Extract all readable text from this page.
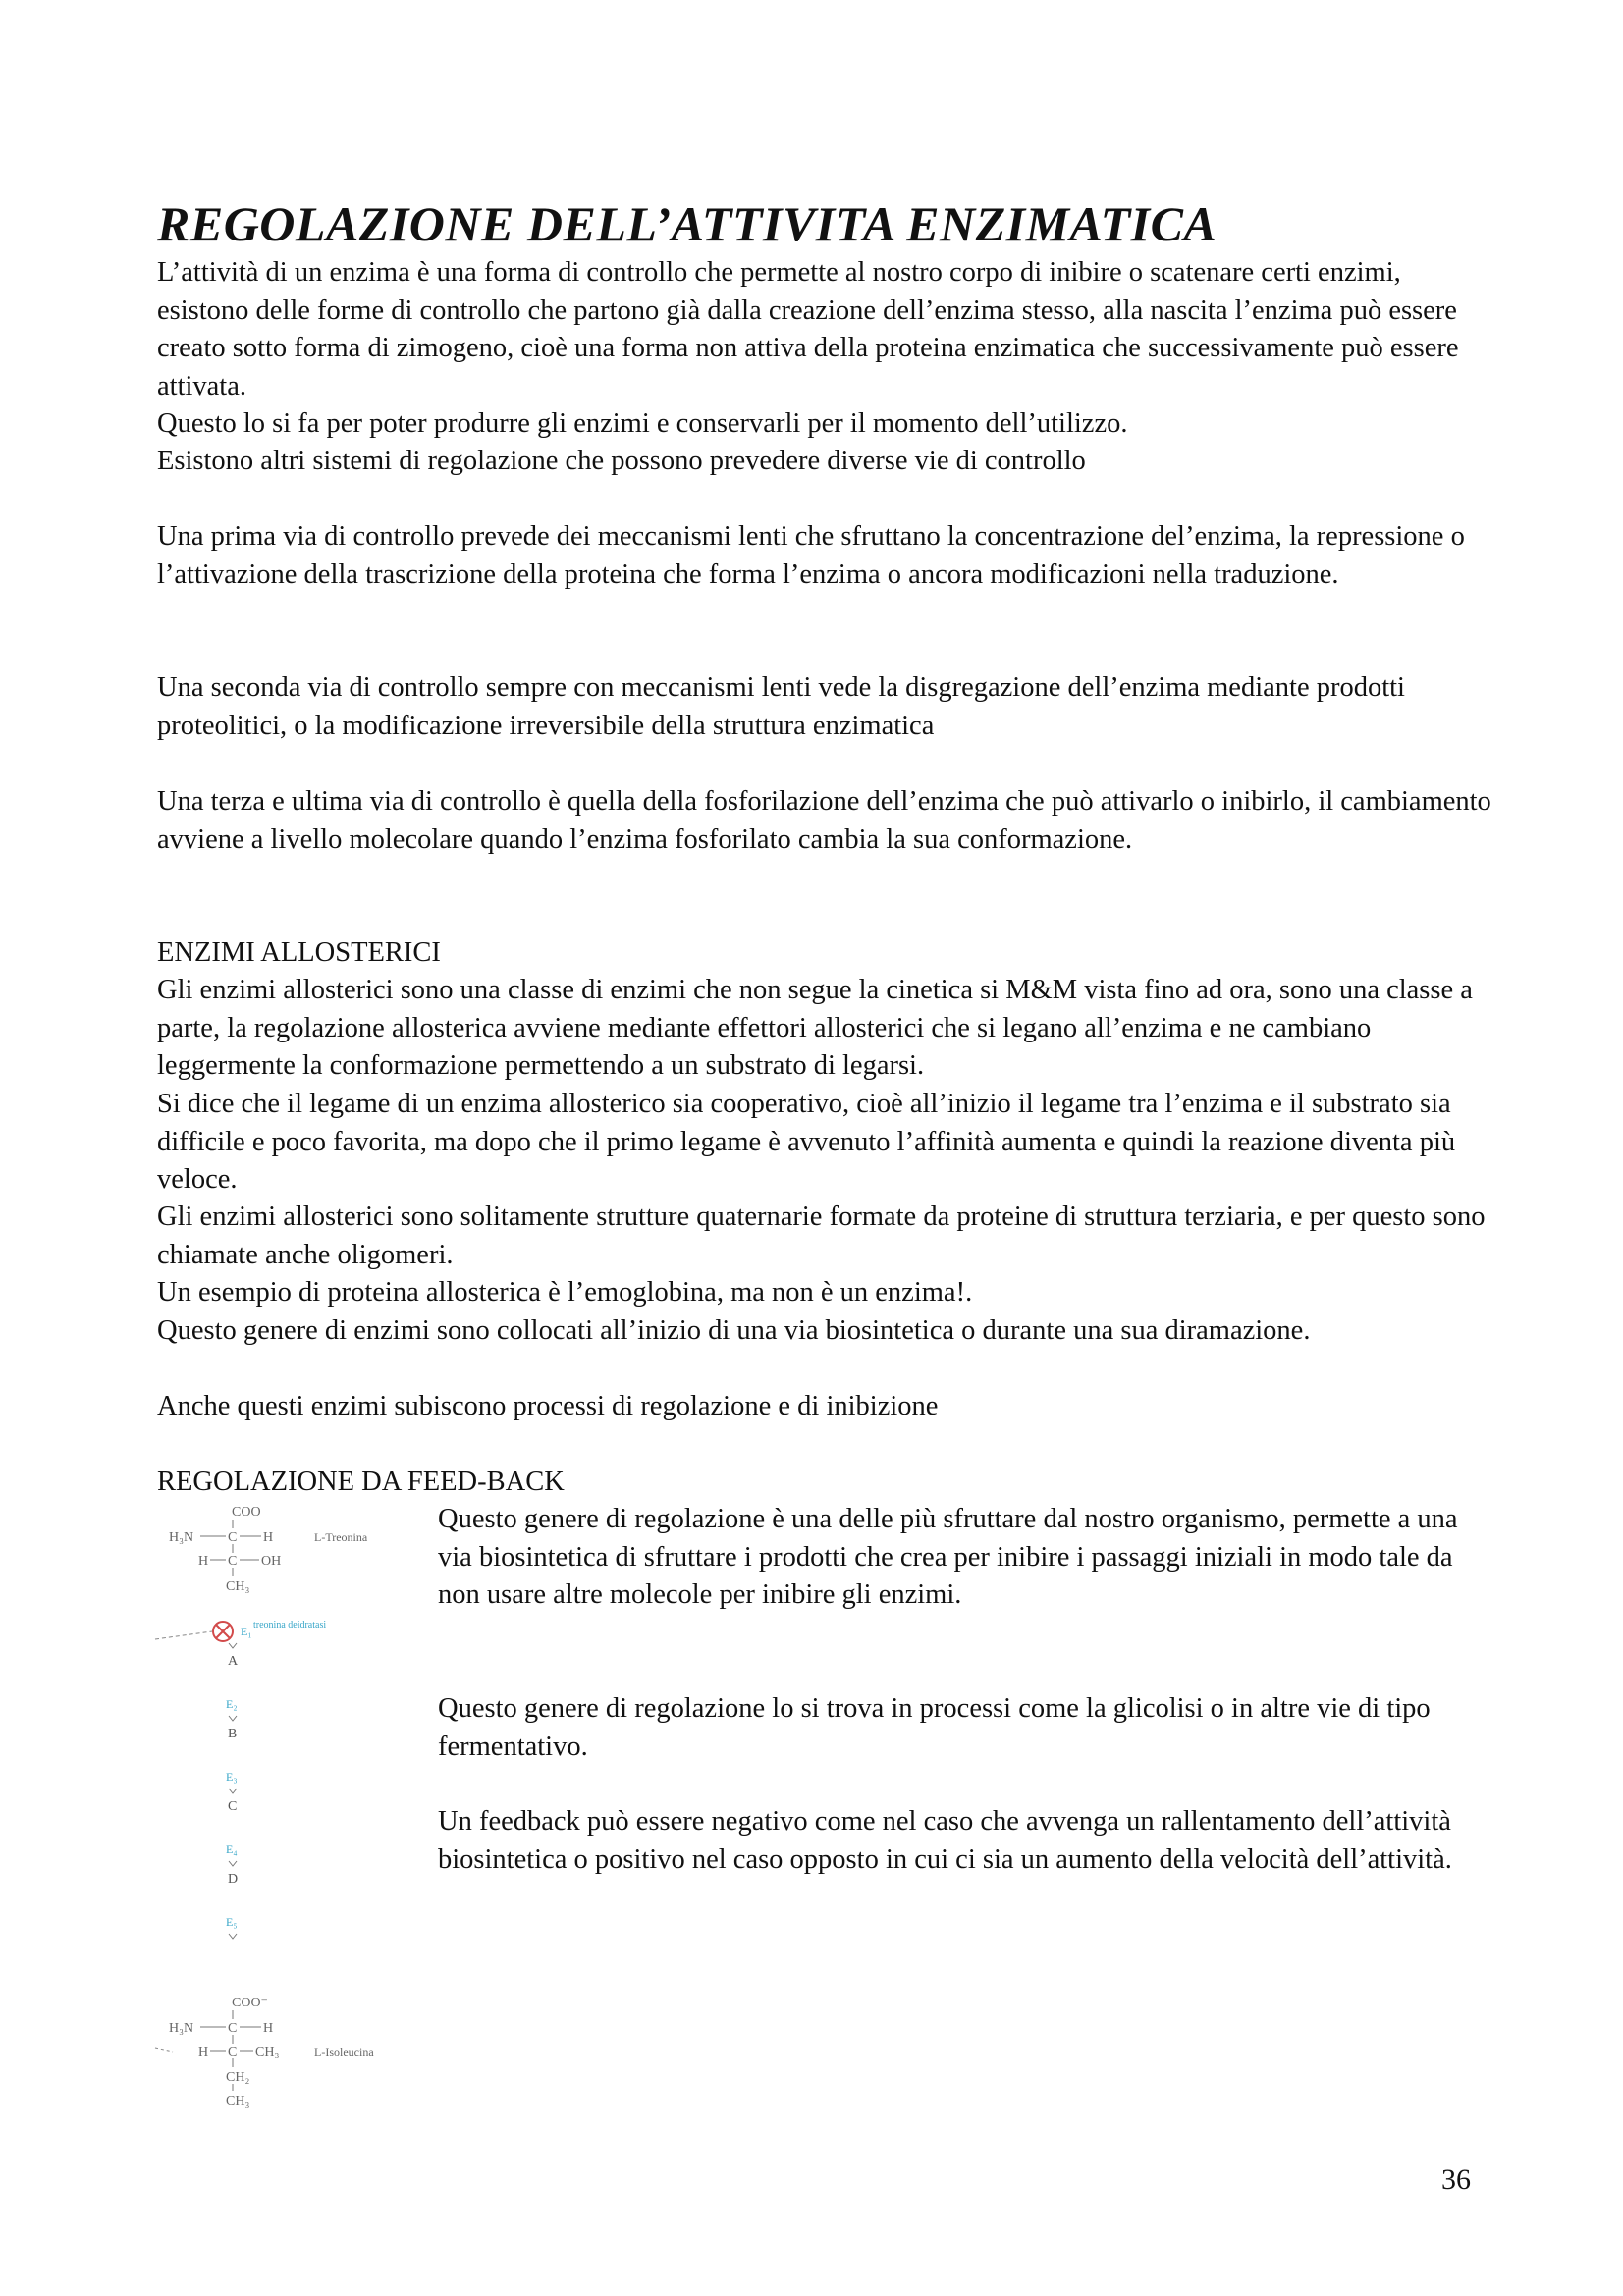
REGOLAZIONE DELL’ATTIVITA ENZIMATICA

L’attività di un enzima è una forma di controllo che permette al nostro corpo di inibire o scatenare certi enzimi, esistono delle forme di controllo che partono già dalla creazione dell’enzima stesso, alla nascita l’enzima può essere creato sotto forma di zimogeno, cioè una forma non attiva della proteina enzimatica che successivamente può essere attivata.

Questo lo si fa per poter produrre gli enzimi e conservarli per il momento dell’utilizzo.

Esistono altri sistemi di regolazione che possono prevedere diverse vie di controllo

Una prima via di controllo prevede dei meccanismi lenti che sfruttano la concentrazione del’enzima, la repressione o l’attivazione della trascrizione della proteina che forma l’enzima o ancora modificazioni nella traduzione.

Una seconda via di controllo sempre con meccanismi lenti vede la disgregazione dell’enzima mediante prodotti proteolitici, o la modificazione irreversibile della struttura enzimatica

Una terza e ultima via di controllo è quella della fosforilazione dell’enzima che può attivarlo o inibirlo, il cambiamento avviene a livello molecolare quando l’enzima fosforilato cambia la sua conformazione.

ENZIMI ALLOSTERICI

Gli enzimi allosterici sono una classe di enzimi che non segue la cinetica si M&M vista fino ad ora, sono una classe a parte, la regolazione allosterica avviene mediante effettori allosterici che si legano all’enzima e ne cambiano leggermente la conformazione permettendo a un substrato di legarsi.

Si dice che il legame di un enzima allosterico sia cooperativo, cioè all’inizio il legame tra l’enzima e il substrato sia difficile e poco favorita, ma dopo che il primo legame è avvenuto l’affinità aumenta e quindi la reazione diventa più veloce.

Gli enzimi allosterici sono solitamente strutture quaternarie formate da proteine di struttura terziaria, e per questo sono chiamate anche oligomeri.

Un esempio di proteina allosterica è l’emoglobina, ma non è un enzima!.

Questo genere di enzimi sono collocati all’inizio di una via biosintetica o durante una sua diramazione.

Anche questi enzimi subiscono processi di regolazione e di inibizione

REGOLAZIONE DA FEED-BACK

Questo genere di regolazione è una delle più sfruttare dal nostro organismo, permette a una via biosintetica di sfruttare i prodotti che crea per inibire i passaggi iniziali in modo tale da non usare altre molecole per inibire gli enzimi.

Questo genere di regolazione lo si trova in processi come la glicolisi o in altre vie di tipo fermentativo.

Un feedback può essere negativo come nel caso che avvenga un rallentamento dell’attività biosintetica o positivo nel caso opposto in cui ci sia un aumento della velocità dell’attività.

COO
H₃N C H
H C OH
CH₃
L-Treonina
treonina deidratasi
E₁
A
E₂
B
E₃
C
E₄
D
E₅
COO⁻
H₃N C H
H C CH₃	L-Isoleucina
CH₂
CH₃
36
